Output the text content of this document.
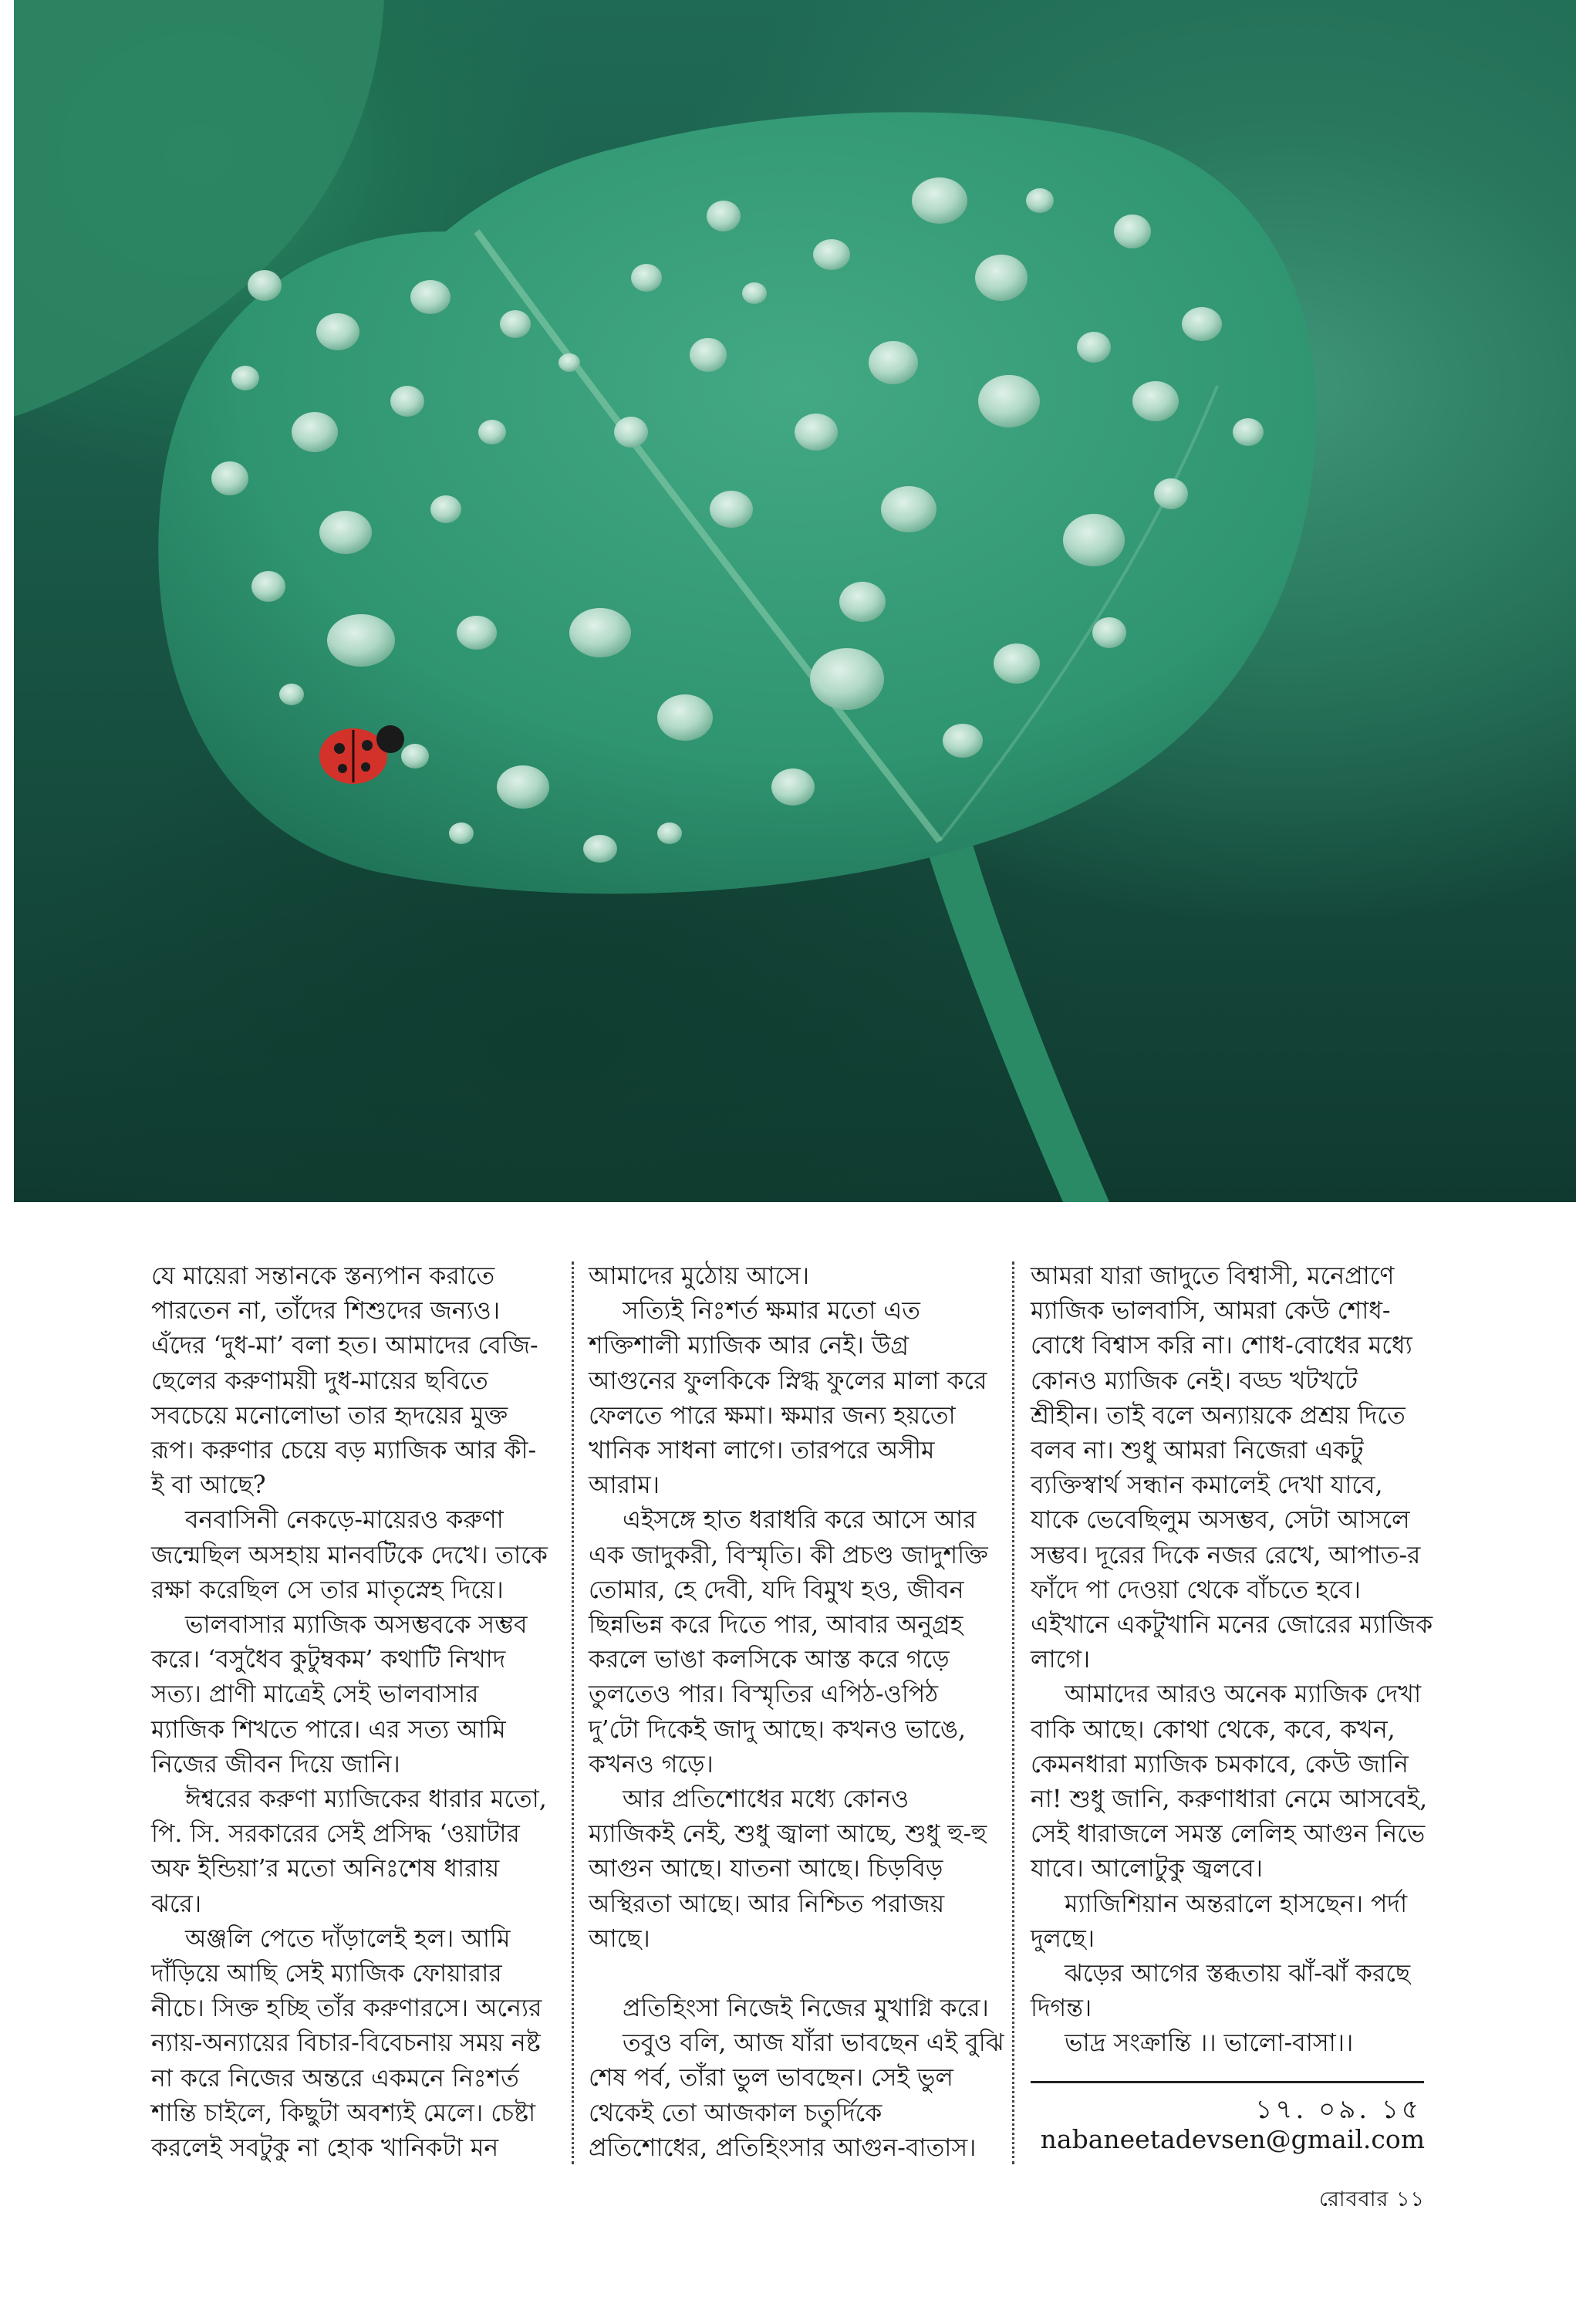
যে মায়েরা সন্তানকে স্তন্যপান করাতে

পারতেন না, তাঁদের শিশুদের জন্যও।

এঁদের ‘দুধ-মা’ বলা হত। আমাদের বেজি-

ছেলের করুণাময়ী দুধ-মায়ের ছবিতে

সবচেয়ে মনোলোভা তার হৃদয়ের মুক্ত

রূপ। করুণার চেয়ে বড় ম্যাজিক আর কী-

ই বা আছে?

বনবাসিনী নেকড়ে-মায়েরও করুণা

জন্মেছিল অসহায় মানবটিকে দেখে। তাকে

রক্ষা করেছিল সে তার মাতৃস্নেহ দিয়ে।

ভালবাসার ম্যাজিক অসম্ভবকে সম্ভব

করে। ‘বসুধৈব কুটুম্বকম’ কথাটি নিখাদ

সত্য। প্রাণী মাত্রেই সেই ভালবাসার

ম্যাজিক শিখতে পারে। এর সত্য আমি

নিজের জীবন দিয়ে জানি।

ঈশ্বরের করুণা ম্যাজিকের ধারার মতো,

পি. সি. সরকারের সেই প্রসিদ্ধ ‘ওয়াটার

অফ ইন্ডিয়া’র মতো অনিঃশেষ ধারায়

ঝরে।

অঞ্জলি পেতে দাঁড়ালেই হল। আমি

দাঁড়িয়ে আছি সেই ম্যাজিক ফোয়ারার

নীচে। সিক্ত হচ্ছি তাঁর করুণারসে। অন্যের

ন্যায়-অন্যায়ের বিচার-বিবেচনায় সময় নষ্ট

না করে নিজের অন্তরে একমনে নিঃশর্ত

শান্তি চাইলে, কিছুটা অবশ্যই মেলে। চেষ্টা

করলেই সবটুকু না হোক খানিকটা মন

আমাদের মুঠোয় আসে।

সত্যিই নিঃশর্ত ক্ষমার মতো এত

শক্তিশালী ম্যাজিক আর নেই। উগ্র

আগুনের ফুলকিকে স্নিগ্ধ ফুলের মালা করে

ফেলতে পারে ক্ষমা। ক্ষমার জন্য হয়তো

খানিক সাধনা লাগে। তারপরে অসীম

আরাম।

এইসঙ্গে হাত ধরাধরি করে আসে আর

এক জাদুকরী, বিস্মৃতি। কী প্রচণ্ড জাদুশক্তি

তোমার, হে দেবী, যদি বিমুখ হও, জীবন

ছিন্নভিন্ন করে দিতে পার, আবার অনুগ্রহ

করলে ভাঙা কলসিকে আস্ত করে গড়ে

তুলতেও পার। বিস্মৃতির এপিঠ-ওপিঠ

দু’টো দিকেই জাদু আছে। কখনও ভাঙে,

কখনও গড়ে।

আর প্রতিশোধের মধ্যে কোনও

ম্যাজিকই নেই, শুধু জ্বালা আছে, শুধু হু-হু

আগুন আছে। যাতনা আছে। চিড়বিড়

অস্থিরতা আছে। আর নিশ্চিত পরাজয়

আছে।

প্রতিহিংসা নিজেই নিজের মুখাগ্নি করে।

তবুও বলি, আজ যাঁরা ভাবছেন এই বুঝি

শেষ পর্ব, তাঁরা ভুল ভাবছেন। সেই ভুল

থেকেই তো আজকাল চতুর্দিকে

প্রতিশোধের, প্রতিহিংসার আগুন-বাতাস।

আমরা যারা জাদুতে বিশ্বাসী, মনেপ্রাণে

ম্যাজিক ভালবাসি, আমরা কেউ শোধ-

বোধে বিশ্বাস করি না। শোধ-বোধের মধ্যে

কোনও ম্যাজিক নেই। বড্ড খটখটে

শ্রীহীন। তাই বলে অন্যায়কে প্রশ্রয় দিতে

বলব না। শুধু আমরা নিজেরা একটু

ব্যক্তিস্বার্থ সন্ধান কমালেই দেখা যাবে,

যাকে ভেবেছিলুম অসম্ভব, সেটা আসলে

সম্ভব। দূরের দিকে নজর রেখে, আপাত-র

ফাঁদে পা দেওয়া থেকে বাঁচতে হবে।

এইখানে একটুখানি মনের জোরের ম্যাজিক

লাগে।

আমাদের আরও অনেক ম্যাজিক দেখা

বাকি আছে। কোথা থেকে, কবে, কখন,

কেমনধারা ম্যাজিক চমকাবে, কেউ জানি

না! শুধু জানি, করুণাধারা নেমে আসবেই,

সেই ধারাজলে সমস্ত লেলিহ আগুন নিভে

যাবে। আলোটুকু জ্বলবে।

ম্যাজিশিয়ান অন্তরালে হাসছেন। পর্দা

দুলছে।

ঝড়ের আগের স্তব্ধতায় ঝাঁ-ঝাঁ করছে

দিগন্ত।

ভাদ্র সংক্রান্তি ।। ভালো-বাসা।।

১৭. ০৯. ১৫
nabaneetadevsen@gmail.com
রোববার ১১
